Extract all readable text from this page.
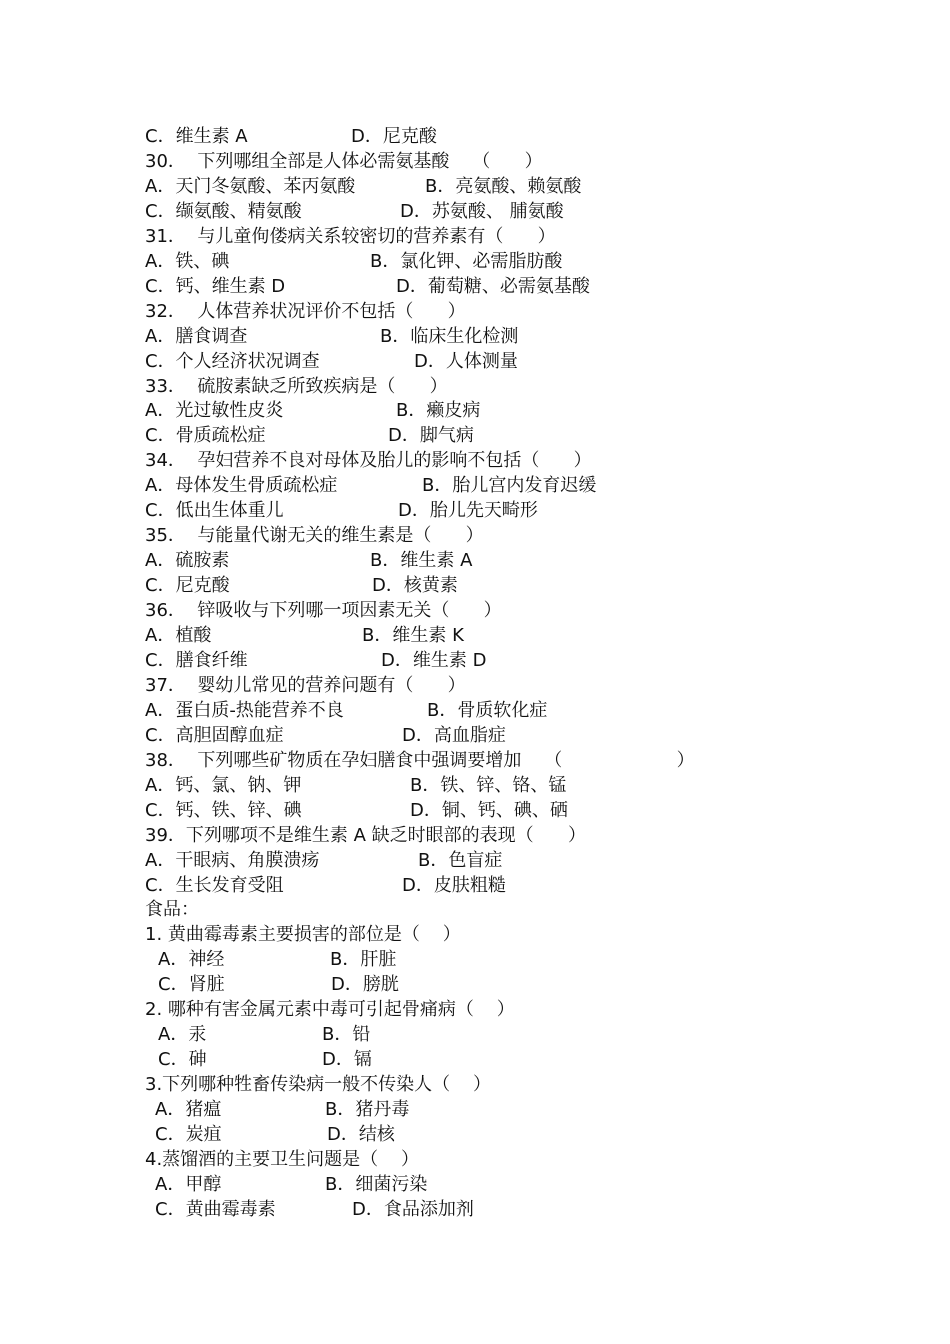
C．维生素 A	D．尼克酸
30．  下列哪组全部是人体必需氨基酸    （      ）
A．天门冬氨酸、苯丙氨酸	B．亮氨酸、赖氨酸
C．缬氨酸、精氨酸	D．苏氨酸、 脯氨酸
31．  与儿童佝偻病关系较密切的营养素有（      ）
A．铁、碘	B．氯化钾、必需脂肪酸
C．钙、维生素 D	D．葡萄糖、必需氨基酸
32．  人体营养状况评价不包括（      ）
A．膳食调查	B．临床生化检测
C．个人经济状况调查	D．人体测量
33．  硫胺素缺乏所致疾病是（      ）
A．光过敏性皮炎	B．癞皮病
C．骨质疏松症	D．脚气病
34．  孕妇营养不良对母体及胎儿的影响不包括（      ）
A．母体发生骨质疏松症	B．胎儿宫内发育迟缓
C．低出生体重儿	D．胎儿先天畸形
35．  与能量代谢无关的维生素是（      ）
A．硫胺素	B．维生素 A
C．尼克酸	D．核黄素
36．  锌吸收与下列哪一项因素无关（      ）
A．植酸	B．维生素 K
C．膳食纤维	D．维生素 D
37．  婴幼儿常见的营养问题有（      ）
A．蛋白质-热能营养不良	B．骨质软化症
C．高胆固醇血症	D．高血脂症
38．  下列哪些矿物质在孕妇膳食中强调要增加    （                    ）
A．钙、氯、钠、钾	B．铁、锌、铬、锰
C．钙、铁、锌、碘	D．铜、钙、碘、硒
39．下列哪项不是维生素 A 缺乏时眼部的表现（      ）
A．干眼病、角膜溃疡	B．色盲症
C．生长发育受阻	D．皮肤粗糙
食品：
1. 黄曲霉毒素主要损害的部位是（    ）
A．神经	B．肝脏
C．肾脏	D．膀胱
2. 哪种有害金属元素中毒可引起骨痛病（    ）
A．汞	B．铅
C．砷	D．镉
3.下列哪种牲畜传染病一般不传染人（    ）
A．猪瘟	B．猪丹毒
C．炭疽	D．结核
4.蒸馏酒的主要卫生问题是（    ）
A．甲醇	B．细菌污染
C．黄曲霉毒素	D．食品添加剂
